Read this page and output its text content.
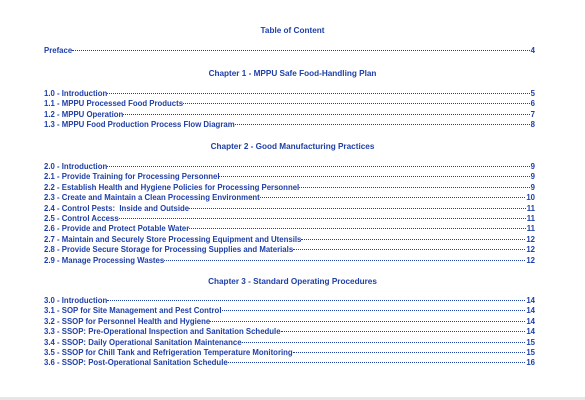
Table of Content
Preface	4
Chapter 1 - MPPU Safe Food-Handling Plan
1.0 - Introduction	5
1.1 - MPPU Processed Food Products	6
1.2 - MPPU Operation	7
1.3 - MPPU Food Production Process Flow Diagram	8
Chapter 2 - Good Manufacturing Practices
2.0 - Introduction	9
2.1 - Provide Training for Processing Personnel	9
2.2 - Establish Health and Hygiene Policies for Processing Personnel	9
2.3 - Create and Maintain a Clean Processing Environment	10
2.4 - Control Pests:  Inside and Outside	11
2.5 - Control Access	11
2.6 - Provide and Protect Potable Water	11
2.7 - Maintain and Securely Store Processing Equipment and Utensils	12
2.8 - Provide Secure Storage for Processing Supplies and Materials	12
2.9 - Manage Processing Wastes	12
Chapter 3 - Standard Operating Procedures
3.0 - Introduction	14
3.1 - SOP for Site Management and Pest Control	14
3.2 - SSOP for Personnel Health and Hygiene	14
3.3 - SSOP: Pre-Operational Inspection and Sanitation Schedule	14
3.4 - SSOP: Daily Operational Sanitation Maintenance	15
3.5 - SSOP for Chill Tank and Refrigeration Temperature Monitoring	15
3.6 - SSOP: Post-Operational Sanitation Schedule	16
